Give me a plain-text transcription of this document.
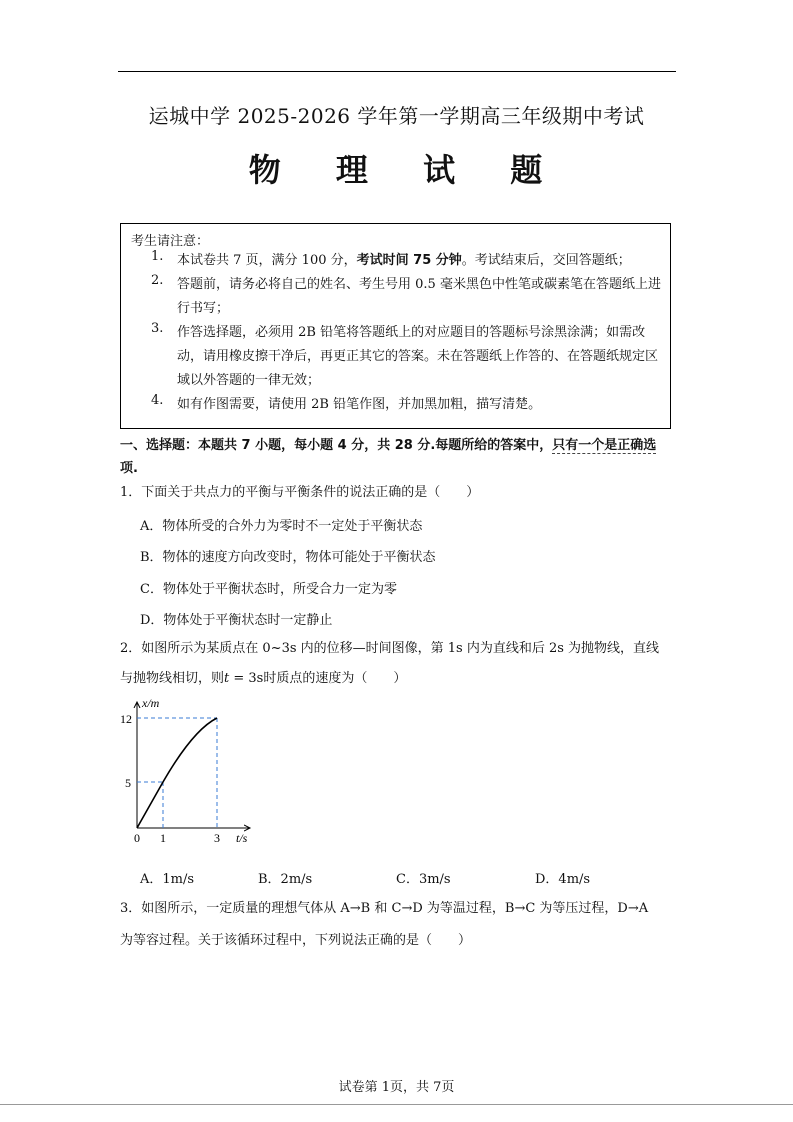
运城中学 2025-2026 学年第一学期高三年级期中考试
物 理 试 题
考生请注意：
1. 本试卷共 7 页，满分 100 分，考试时间 75 分钟。考试结束后，交回答题纸；
2. 答题前，请务必将自己的姓名、考生号用 0.5 毫米黑色中性笔或碳素笔在答题纸上进行书写；
3. 作答选择题，必须用 2B 铅笔将答题纸上的对应题目的答题标号涂黑涂满；如需改动，请用橡皮擦干净后，再更正其它的答案。未在答题纸上作答的、在答题纸规定区域以外答题的一律无效；
4. 如有作图需要，请使用 2B 铅笔作图，并加黑加粗，描写清楚。
一、选择题：本题共 7 小题，每小题 4 分，共 28 分.每题所给的答案中，只有一个是正确选
项.
1．下面关于共点力的平衡与平衡条件的说法正确的是（　　）
A．物体所受的合外力为零时不一定处于平衡状态
B．物体的速度方向改变时，物体可能处于平衡状态
C．物体处于平衡状态时，所受合力一定为零
D．物体处于平衡状态时一定静止
2．如图所示为某质点在 0~3s 内的位移—时间图像，第 1s 内为直线和后 2s 为抛物线，直线
与抛物线相切，则𝑡 = 3s时质点的速度为（　　）
x/m
t/s
12
5
0 1	3
A．1m/s	B．2m/s	C．3m/s	D．4m/s
3．如图所示，一定质量的理想气体从 A→B 和 C→D 为等温过程，B→C 为等压过程，D→A
为等容过程。关于该循环过程中，下列说法正确的是（　　）
试卷第 1页，共 7页
